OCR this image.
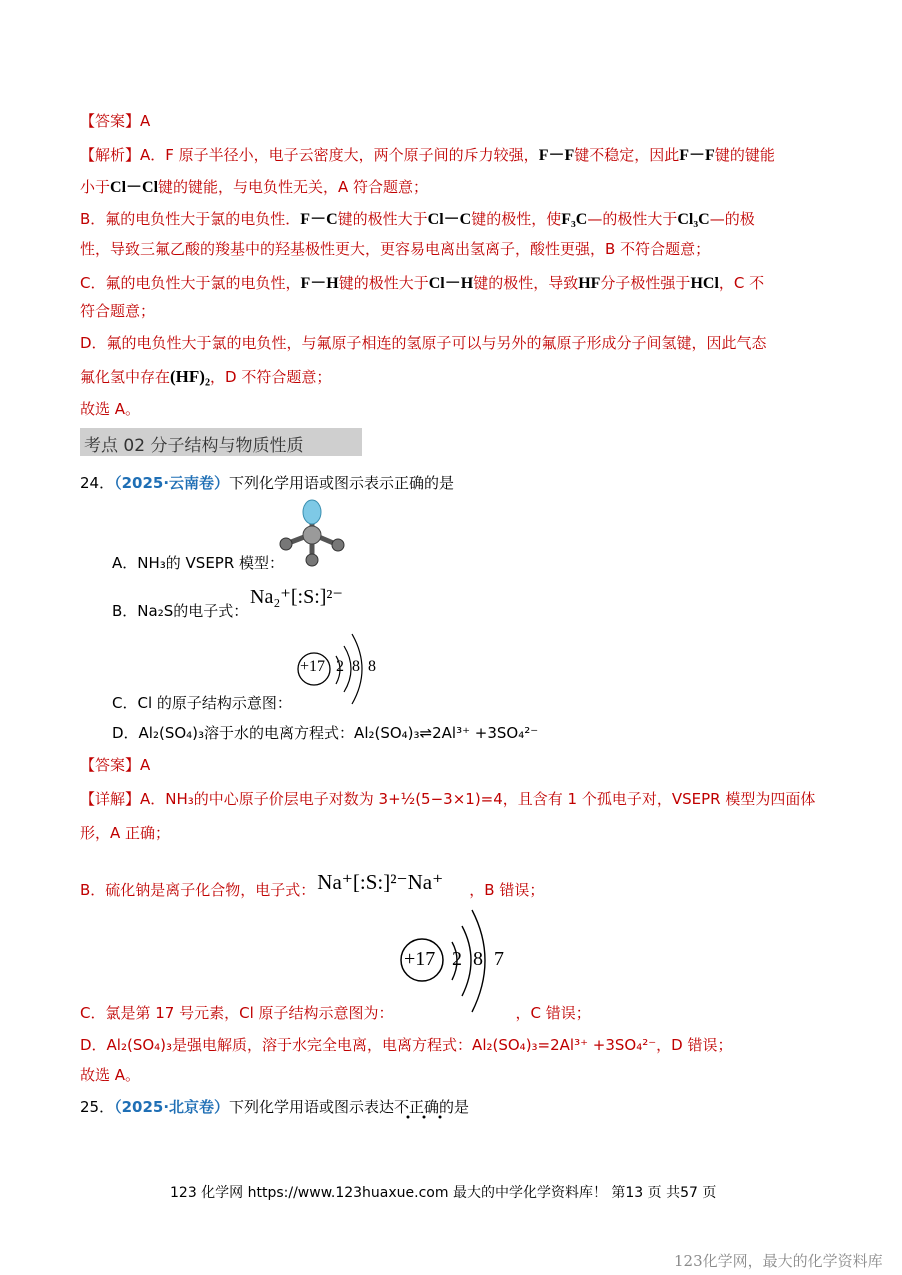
【答案】A
【解析】A．F 原子半径小，电子云密度大，两个原子间的斥力较强，F－F键不稳定，因此F－F键的键能
小于Cl－Cl键的键能，与电负性无关，A 符合题意；
B．氟的电负性大于氯的电负性．F－C键的极性大于Cl－C键的极性，使F₃C—的极性大于Cl₃C—的极
性，导致三氟乙酸的羧基中的羟基极性更大，更容易电离出氢离子，酸性更强，B 不符合题意；
C．氟的电负性大于氯的电负性，F－H键的极性大于Cl－H键的极性，导致HF分子极性强于HCl，C 不
符合题意；
D．氟的电负性大于氯的电负性，与氟原子相连的氢原子可以与另外的氟原子形成分子间氢键，因此气态
氟化氢中存在(HF)₂，D 不符合题意；
故选 A。
考点 02 分子结构与物质性质
24．（2025·云南卷）下列化学用语或图示表示正确的是
A．NH₃的 VSEPR 模型：
B．Na₂S的电子式：
Na₂⁺[:S:]²⁻
+17 2 8 8
C．Cl 的原子结构示意图：
D．Al₂(SO₄)₃溶于水的电离方程式：Al₂(SO₄)₃⇌2Al³⁺ +3SO₄²⁻
【答案】A
【详解】A．NH₃的中心原子价层电子对数为 3+½(5−3×1)=4，且含有 1 个孤电子对，VSEPR 模型为四面体
形，A 正确；
B．硫化钠是离子化合物，电子式：Na⁺[:S:]²⁻Na⁺ ，B 错误；
+17 2 8 7
C．氯是第 17 号元素，Cl 原子结构示意图为：	，C 错误；
D．Al₂(SO₄)₃是强电解质，溶于水完全电离，电离方程式：Al₂(SO₄)₃=2Al³⁺ +3SO₄²⁻，D 错误；
故选 A。
25．（2025·北京卷）下列化学用语或图示表达不正确的是
123 化学网 https://www.123huaxue.com 最大的中学化学资料库！ 第13 页 共57 页
123化学网，最大的化学资料库
